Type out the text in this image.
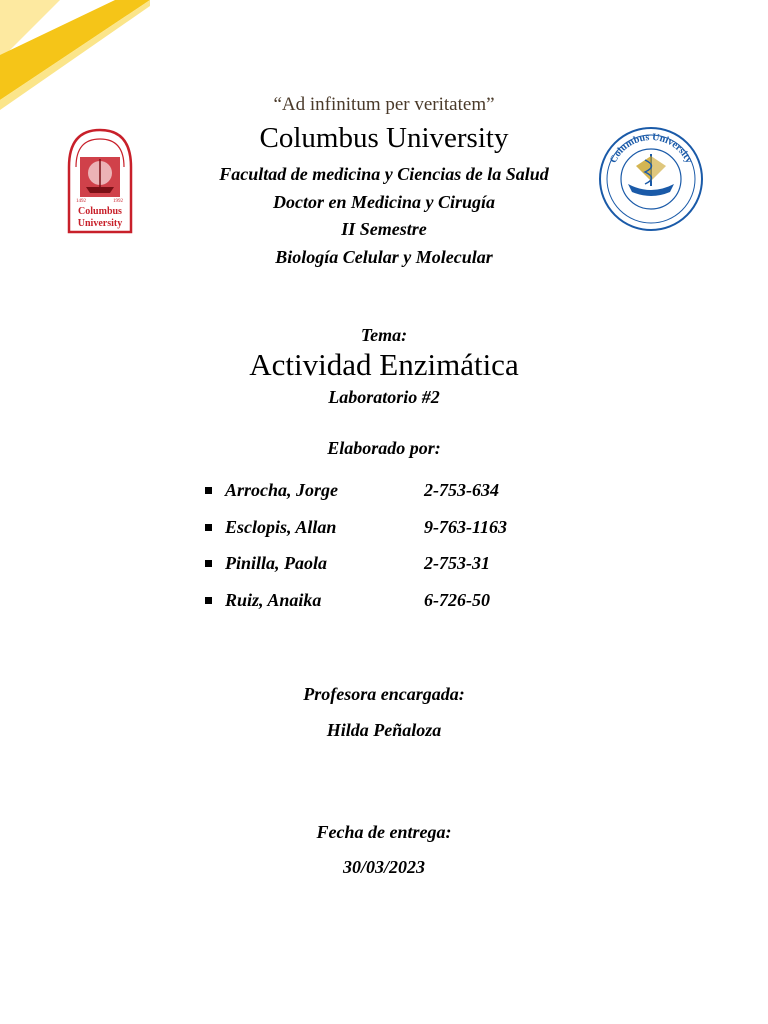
“Ad infinitum per veritatem”
Columbus University
Facultad de medicina y Ciencias de la Salud
Doctor en Medicina y Cirugía
II Semestre
Biología Celular y Molecular
1492	1992
Columbus
University
Columbus University
Tema:
Actividad Enzimática
Laboratorio #2
Elaborado por:
Arrocha, Jorge	2-753-634
Esclopis, Allan	9-763-1163
Pinilla, Paola	2-753-31
Ruiz, Anaika	6-726-50
Profesora encargada:
Hilda Peñaloza
Fecha de entrega:
30/03/2023
